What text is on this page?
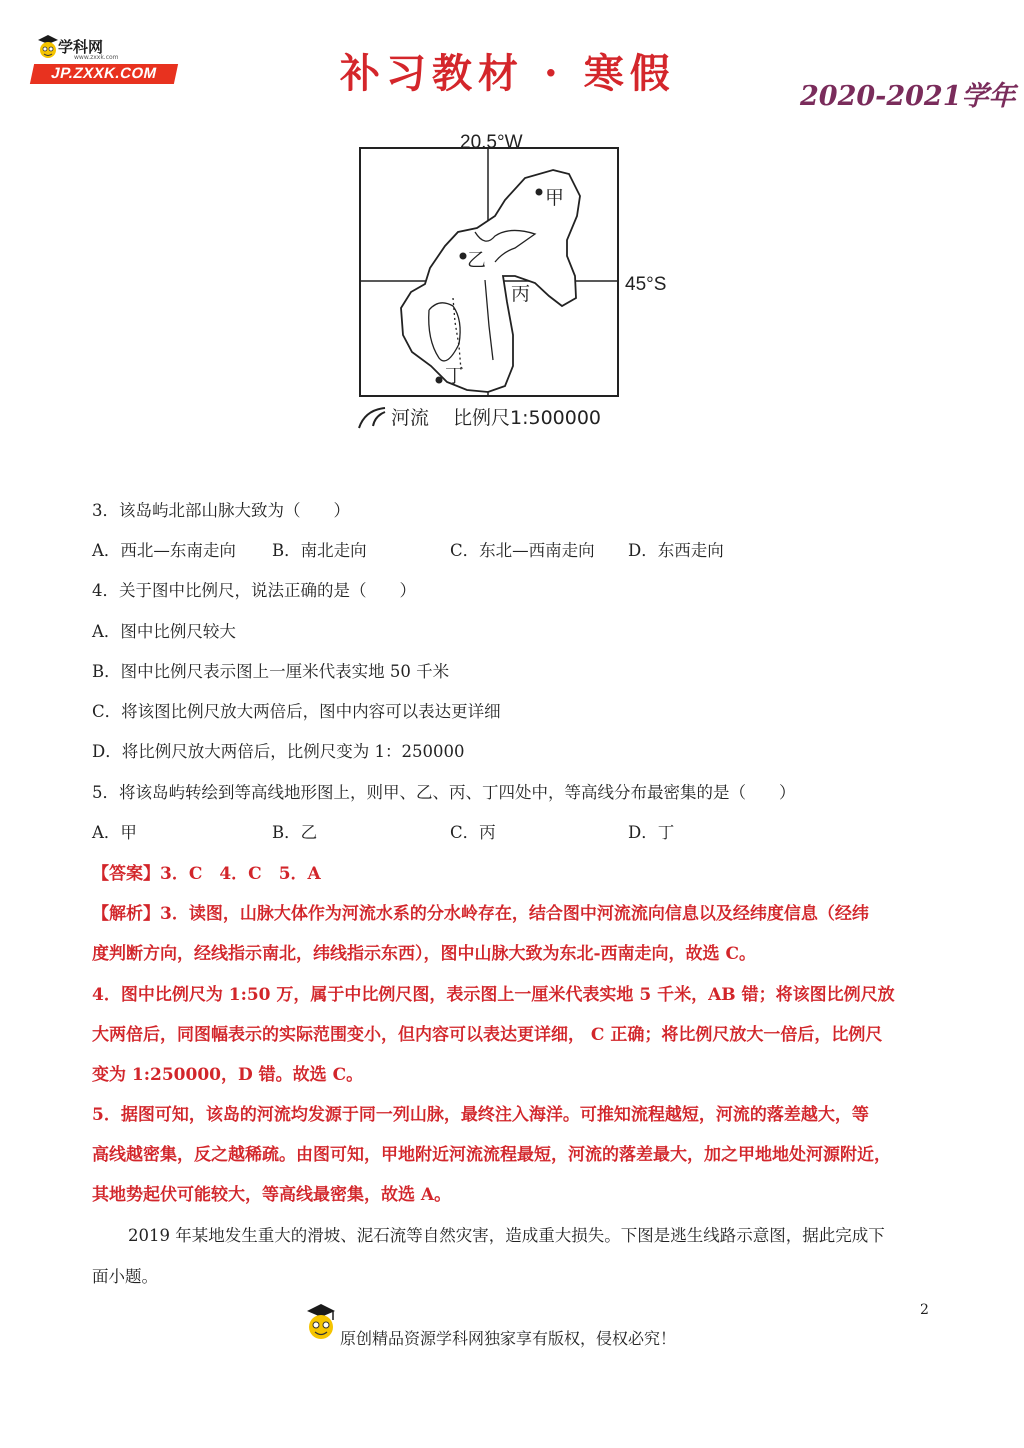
学科网
www.zxxk.com
JP.ZXXK.COM	补习教材 · 寒假	2020-2021学年
20.5°W
45°S
甲
乙
丙
丁
河流 比例尺1:500000
3．该岛屿北部山脉大致为（　　）
A．西北—东南走向 B．南北走向	C．东北—西南走向 D．东西走向
4．关于图中比例尺，说法正确的是（　　）
A．图中比例尺较大
B．图中比例尺表示图上一厘米代表实地 50 千米
C．将该图比例尺放大两倍后，图中内容可以表达更详细
D．将比例尺放大两倍后，比例尺变为 1：250000
5．将该岛屿转绘到等高线地形图上，则甲、乙、丙、丁四处中，等高线分布最密集的是（　　）
A．甲	B．乙	C．丙	D．丁
【答案】3．C　4．C　5．A
【解析】3．读图，山脉大体作为河流水系的分水岭存在，结合图中河流流向信息以及经纬度信息（经纬
度判断方向，经线指示南北，纬线指示东西），图中山脉大致为东北-西南走向，故选 C。
4．图中比例尺为 1:50 万，属于中比例尺图，表示图上一厘米代表实地 5 千米，AB 错；将该图比例尺放
大两倍后，同图幅表示的实际范围变小，但内容可以表达更详细， C 正确；将比例尺放大一倍后，比例尺
变为 1:250000，D 错。故选 C。
5．据图可知，该岛的河流均发源于同一列山脉，最终注入海洋。可推知流程越短，河流的落差越大，等
高线越密集，反之越稀疏。由图可知，甲地附近河流流程最短，河流的落差最大，加之甲地地处河源附近，
其地势起伏可能较大，等高线最密集，故选 A。
2019 年某地发生重大的滑坡、泥石流等自然灾害，造成重大损失。下图是逃生线路示意图，据此完成下
面小题。
2
原创精品资源学科网独家享有版权，侵权必究！
